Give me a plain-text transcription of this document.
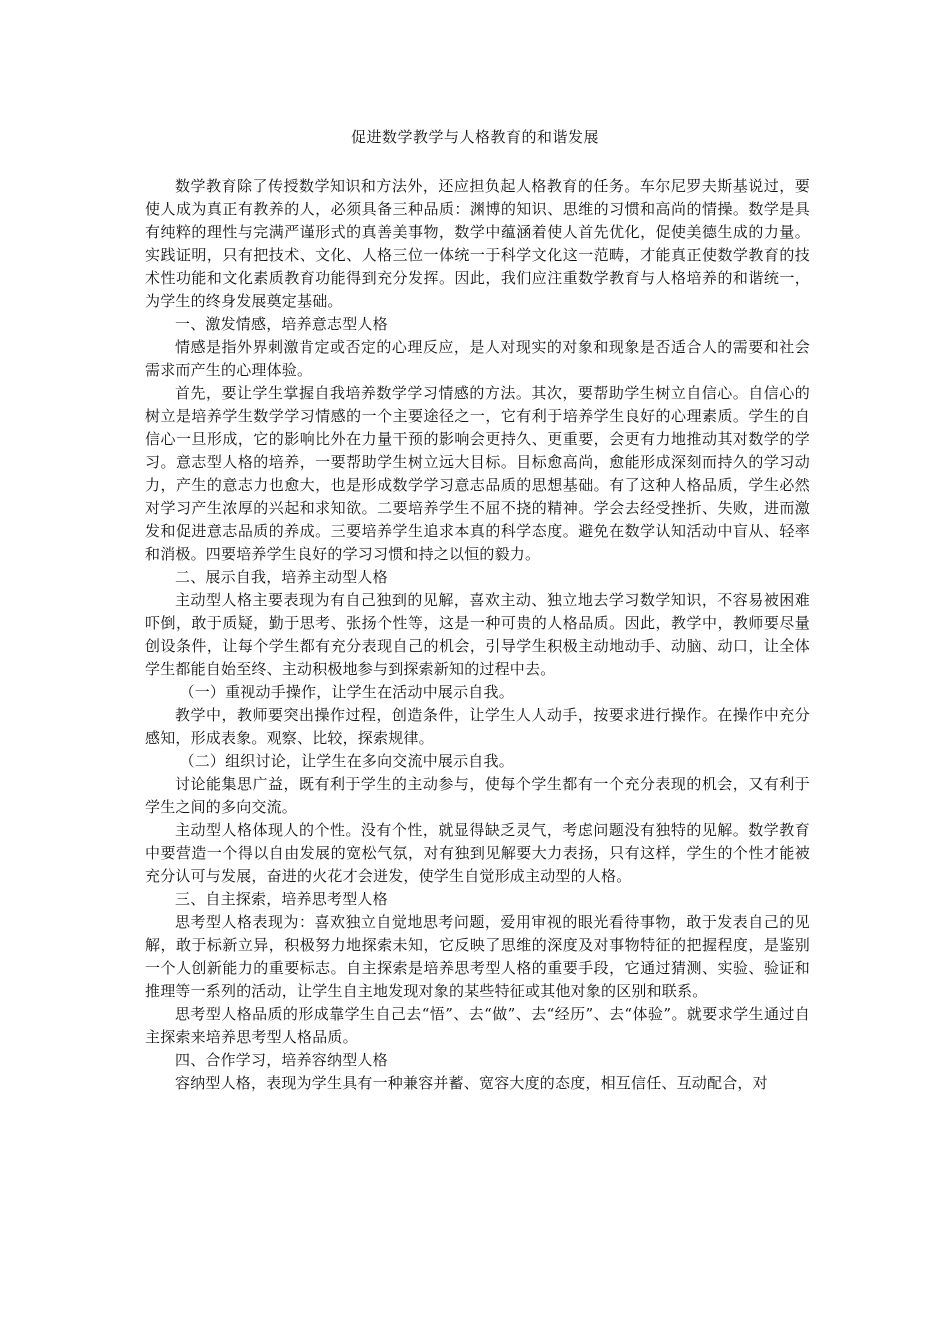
促进数学教学与人格教育的和谐发展

数学教育除了传授数学知识和方法外，还应担负起人格教育的任务。车尔尼罗夫斯基说过，要使人成为真正有教养的人，必须具备三种品质：渊博的知识、思维的习惯和高尚的情操。数学是具有纯粹的理性与完满严谨形式的真善美事物，数学中蕴涵着使人首先优化，促使美德生成的力量。实践证明，只有把技术、文化、人格三位一体统一于科学文化这一范畴，才能真正使数学教育的技术性功能和文化素质教育功能得到充分发挥。因此，我们应注重数学教育与人格培养的和谐统一，为学生的终身发展奠定基础。

一、激发情感，培养意志型人格

情感是指外界刺激肯定或否定的心理反应，是人对现实的对象和现象是否适合人的需要和社会需求而产生的心理体验。

首先，要让学生掌握自我培养数学学习情感的方法。其次，要帮助学生树立自信心。自信心的树立是培养学生数学学习情感的一个主要途径之一，它有利于培养学生良好的心理素质。学生的自信心一旦形成，它的影响比外在力量干预的影响会更持久、更重要，会更有力地推动其对数学的学习。意志型人格的培养，一要帮助学生树立远大目标。目标愈高尚，愈能形成深刻而持久的学习动力，产生的意志力也愈大，也是形成数学学习意志品质的思想基础。有了这种人格品质，学生必然对学习产生浓厚的兴起和求知欲。二要培养学生不屈不挠的精神。学会去经受挫折、失败，进而激发和促进意志品质的养成。三要培养学生追求本真的科学态度。避免在数学认知活动中盲从、轻率和消极。四要培养学生良好的学习习惯和持之以恒的毅力。

二、展示自我，培养主动型人格

主动型人格主要表现为有自己独到的见解，喜欢主动、独立地去学习数学知识，不容易被困难吓倒，敢于质疑，勤于思考、张扬个性等，这是一种可贵的人格品质。因此，教学中，教师要尽量创设条件，让每个学生都有充分表现自己的机会，引导学生积极主动地动手、动脑、动口，让全体学生都能自始至终、主动积极地参与到探索新知的过程中去。

（一）重视动手操作，让学生在活动中展示自我。

教学中，教师要突出操作过程，创造条件，让学生人人动手，按要求进行操作。在操作中充分感知，形成表象。观察、比较，探索规律。

（二）组织讨论，让学生在多向交流中展示自我。

讨论能集思广益，既有利于学生的主动参与，使每个学生都有一个充分表现的机会，又有利于学生之间的多向交流。

主动型人格体现人的个性。没有个性，就显得缺乏灵气，考虑问题没有独特的见解。数学教育中要营造一个得以自由发展的宽松气氛，对有独到见解要大力表扬，只有这样，学生的个性才能被充分认可与发展，奋进的火花才会迸发，使学生自觉形成主动型的人格。

三、自主探索，培养思考型人格

思考型人格表现为：喜欢独立自觉地思考问题，爱用审视的眼光看待事物，敢于发表自己的见解，敢于标新立异，积极努力地探索未知，它反映了思维的深度及对事物特征的把握程度，是鉴别一个人创新能力的重要标志。自主探索是培养思考型人格的重要手段，它通过猜测、实验、验证和推理等一系列的活动，让学生自主地发现对象的某些特征或其他对象的区别和联系。

思考型人格品质的形成靠学生自己去“悟”、去“做”、去“经历”、去“体验”。就要求学生通过自主探索来培养思考型人格品质。

四、合作学习，培养容纳型人格

容纳型人格，表现为学生具有一种兼容并蓄、宽容大度的态度，相互信任、互动配合，对
